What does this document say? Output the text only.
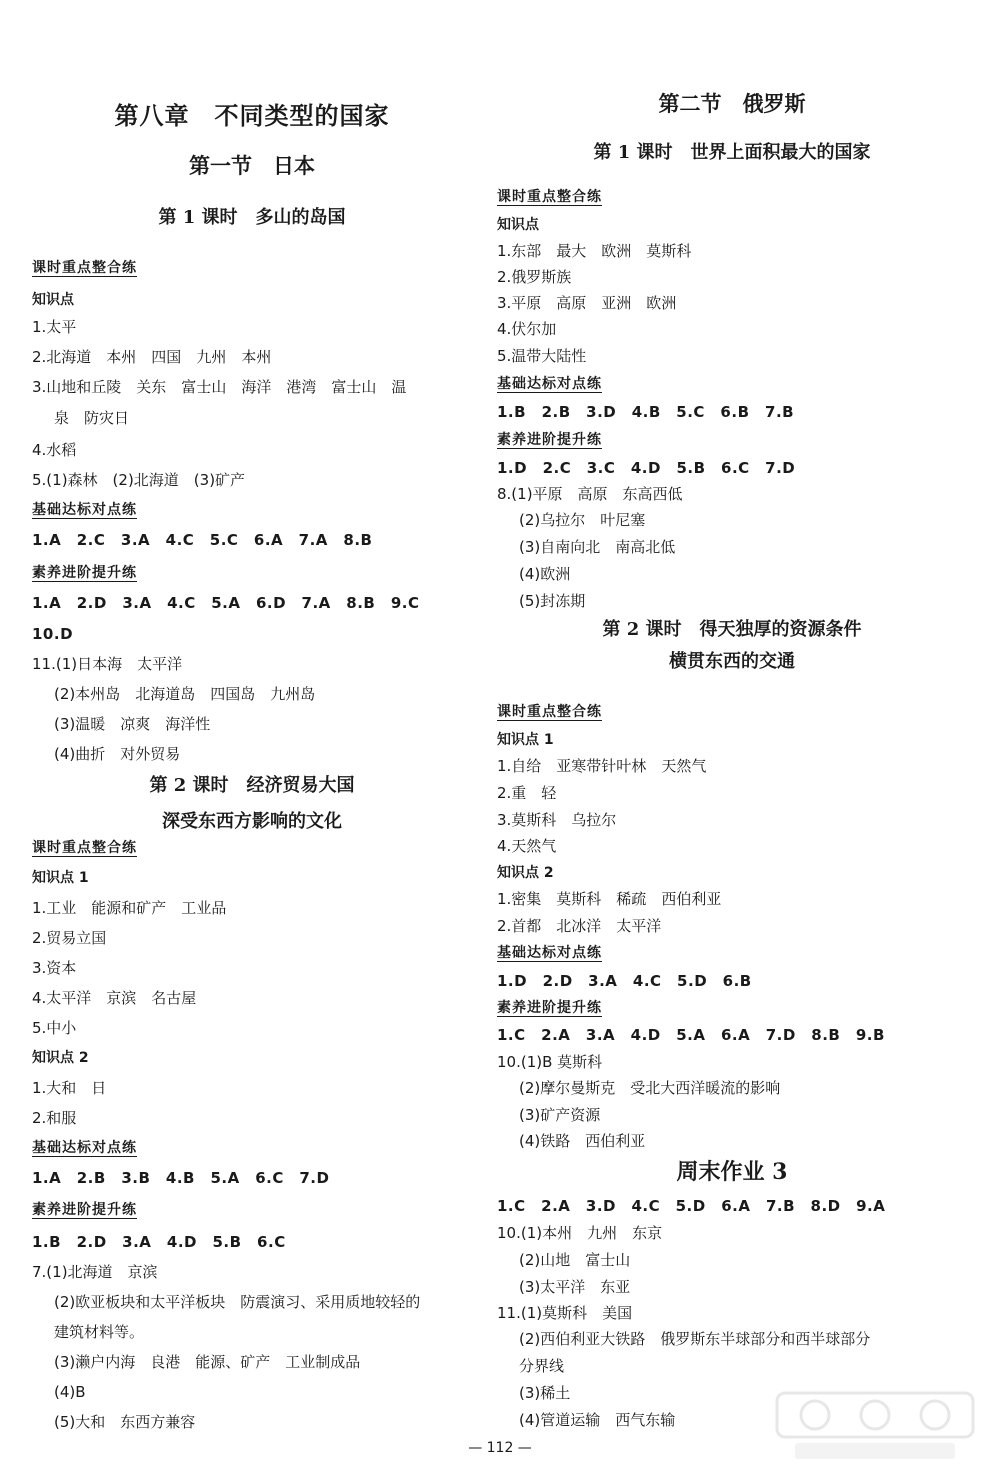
第八章　不同类型的国家
第一节　日本
第 1 课时　多山的岛国
课时重点整合练
知识点
1.太平
2.北海道　本州　四国　九州　本州
3.山地和丘陵　关东　富士山　海洋　港湾　富士山　温
泉　防灾日
4.水稻
5.(1)森林　(2)北海道　(3)矿产
基础达标对点练
1.A　2.C　3.A　4.C　5.C　6.A　7.A　8.B
素养进阶提升练
1.A　2.D　3.A　4.C　5.A　6.D　7.A　8.B　9.C
10.D
11.(1)日本海　太平洋
(2)本州岛　北海道岛　四国岛　九州岛
(3)温暖　凉爽　海洋性
(4)曲折　对外贸易
第 2 课时　经济贸易大国
深受东西方影响的文化
课时重点整合练
知识点 1
1.工业　能源和矿产　工业品
2.贸易立国
3.资本
4.太平洋　京滨　名古屋
5.中小
知识点 2
1.大和　日
2.和服
基础达标对点练
1.A　2.B　3.B　4.B　5.A　6.C　7.D
素养进阶提升练
1.B　2.D　3.A　4.D　5.B　6.C
7.(1)北海道　京滨
(2)欧亚板块和太平洋板块　防震演习、采用质地较轻的
建筑材料等。
(3)濑户内海　良港　能源、矿产　工业制成品
(4)B
(5)大和　东西方兼容
第二节　俄罗斯
第 1 课时　世界上面积最大的国家
课时重点整合练
知识点
1.东部　最大　欧洲　莫斯科
2.俄罗斯族
3.平原　高原　亚洲　欧洲
4.伏尔加
5.温带大陆性
基础达标对点练
1.B　2.B　3.D　4.B　5.C　6.B　7.B
素养进阶提升练
1.D　2.C　3.C　4.D　5.B　6.C　7.D
8.(1)平原　高原　东高西低
(2)乌拉尔　叶尼塞
(3)自南向北　南高北低
(4)欧洲
(5)封冻期
第 2 课时　得天独厚的资源条件
横贯东西的交通
课时重点整合练
知识点 1
1.自给　亚寒带针叶林　天然气
2.重　轻
3.莫斯科　乌拉尔
4.天然气
知识点 2
1.密集　莫斯科　稀疏　西伯利亚
2.首都　北冰洋　太平洋
基础达标对点练
1.D　2.D　3.A　4.C　5.D　6.B
素养进阶提升练
1.C　2.A　3.A　4.D　5.A　6.A　7.D　8.B　9.B
10.(1)B 莫斯科
(2)摩尔曼斯克　受北大西洋暖流的影响
(3)矿产资源
(4)铁路　西伯利亚
周末作业 3
1.C　2.A　3.D　4.C　5.D　6.A　7.B　8.D　9.A
10.(1)本州　九州　东京
(2)山地　富士山
(3)太平洋　东亚
11.(1)莫斯科　美国
(2)西伯利亚大铁路　俄罗斯东半球部分和西半球部分
分界线
(3)稀土
(4)管道运输　西气东输
— 112 —
